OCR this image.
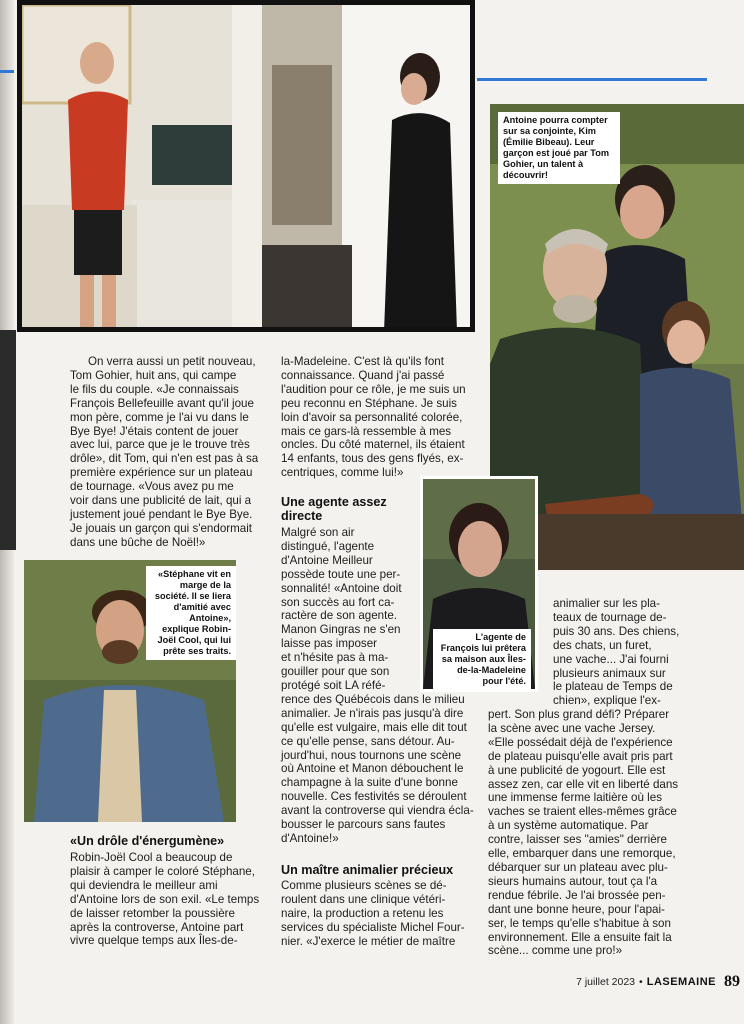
Antoine pourra compter sur sa conjointe, Kim (Émilie Bibeau). Leur garçon est joué par Tom Gohier, un talent à découvrir!
L'agente de François lui prêtera sa maison aux Îles-de-la-Madeleine pour l'été.
«Stéphane vit en marge de la société. Il se liera d'amitié avec Antoine», explique Robin-Joël Cool, qui lui prête ses traits.

On verra aussi un petit nouveau,

Tom Gohier, huit ans, qui campe

le fils du couple. «Je connaissais

François Bellefeuille avant qu'il joue

mon père, comme je l'ai vu dans le

Bye Bye! J'étais content de jouer

avec lui, parce que je le trouve très

drôle», dit Tom, qui n'en est pas à sa

première expérience sur un plateau

de tournage. «Vous avez pu me

voir dans une publicité de lait, qui a

justement joué pendant le Bye Bye.

Je jouais un garçon qui s'endormait

dans une bûche de Noël!»

la-Madeleine. C'est là qu'ils font

connaissance. Quand j'ai passé

l'audition pour ce rôle, je me suis un

peu reconnu en Stéphane. Je suis

loin d'avoir sa personnalité colorée,

mais ce gars-là ressemble à mes

oncles. Du côté maternel, ils étaient

14 enfants, tous des gens flyés, ex-

centriques, comme lui!»

Une agente assez directe

Malgré son air

distingué, l'agente

d'Antoine Meilleur

possède toute une per-

sonnalité! «Antoine doit

son succès au fort ca-

ractère de son agente.

Manon Gingras ne s'en

laisse pas imposer

et n'hésite pas à ma-

gouiller pour que son

protégé soit LA réfé-

rence des Québécois dans le milieu

animalier. Je n'irais pas jusqu'à dire

qu'elle est vulgaire, mais elle dit tout

ce qu'elle pense, sans détour. Au-

jourd'hui, nous tournons une scène

où Antoine et Manon débouchent le

champagne à la suite d'une bonne

nouvelle. Ces festivités se déroulent

avant la controverse qui viendra écla-

bousser le parcours sans fautes

d'Antoine!»

Un maître animalier précieux

Comme plusieurs scènes se dé-

roulent dans une clinique vétéri-

naire, la production a retenu les

services du spécialiste Michel Four-

nier. «J'exerce le métier de maître

«Un drôle d'énergumène»

Robin-Joël Cool a beaucoup de

plaisir à camper le coloré Stéphane,

qui deviendra le meilleur ami

d'Antoine lors de son exil. «Le temps

de laisser retomber la poussière

après la controverse, Antoine part

vivre quelque temps aux Îles-de-

animalier sur les pla-

teaux de tournage de-

puis 30 ans. Des chiens,

des chats, un furet,

une vache... J'ai fourni

plusieurs animaux sur

le plateau de Temps de

chien», explique l'ex-

pert. Son plus grand défi? Préparer

la scène avec une vache Jersey.

«Elle possédait déjà de l'expérience

de plateau puisqu'elle avait pris part

à une publicité de yogourt. Elle est

assez zen, car elle vit en liberté dans

une immense ferme laitière où les

vaches se traient elles-mêmes grâce

à un système automatique. Par

contre, laisser ses "amies" derrière

elle, embarquer dans une remorque,

débarquer sur un plateau avec plu-

sieurs humains autour, tout ça l'a

rendue fébrile. Je l'ai brossée pen-

dant une bonne heure, pour l'apai-

ser, le temps qu'elle s'habitue à son

environnement. Elle a ensuite fait la

scène... comme une pro!»

7 juillet 2023 • LASEMAINE 89
